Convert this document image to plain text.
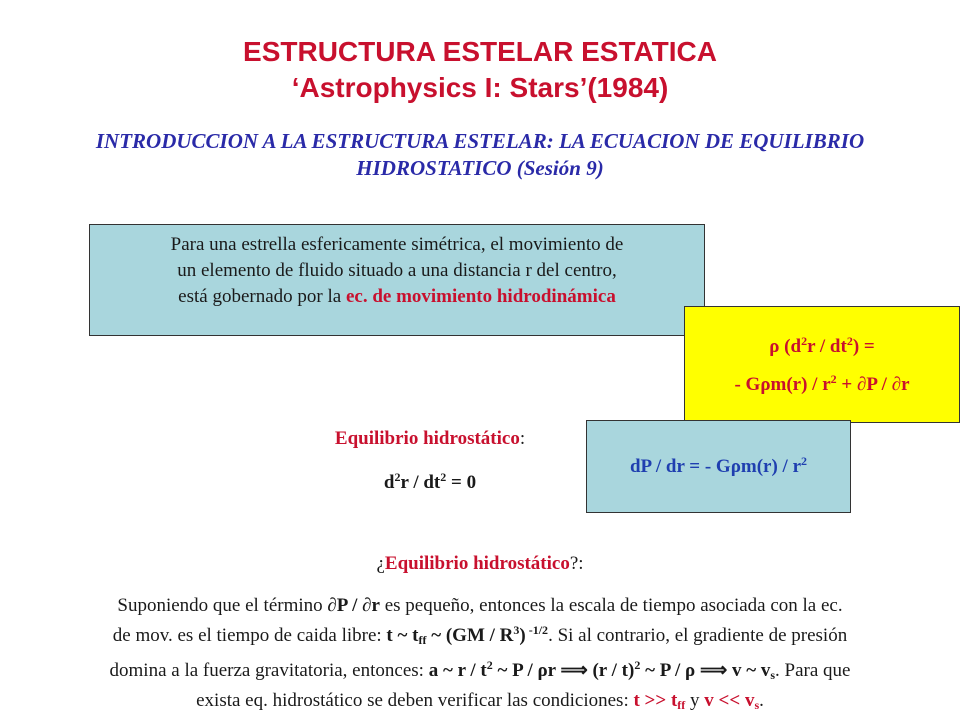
ESTRUCTURA ESTELAR ESTATICA
‘Astrophysics I: Stars’(1984)
INTRODUCCION A LA ESTRUCTURA ESTELAR: LA ECUACION DE EQUILIBRIO
HIDROSTATICO (Sesión 9)
Para una estrella esfericamente simétrica, el movimiento de
un elemento de fluido situado a una distancia r del centro,
está gobernado por la ec. de movimiento hidrodinámica
ρ $(d^2r / dt^2)$ =
- $G\rho m(r) / r^2 + \partial P / \partial r$
Equilibrio hidrostático:
$d^2r / dt^2 = 0$
dP / dr = - $G\rho m(r) / r^2$
¿Equilibrio hidrostático?:
Suponiendo que el término ∂P / ∂r es pequeño, entonces la escala de tiempo asociada con la ec.
de mov. es el tiempo de caida libre: t ~ $t_{ff}$ ~ $(GM / R^3)$ $^{-1/2}$. Si al contrario, el gradiente de presión
domina a la fuerza gravitatoria, entonces: a ~ r / $t^2$ ~ P / ρr ⟹ (r / t)$^2$ ~ P / ρ ⟹ v ~ $v_s$. Para que
exista eq. hidrostático se deben verificar las condiciones: $t >> t_{ff}$ y $v << v_s$.
